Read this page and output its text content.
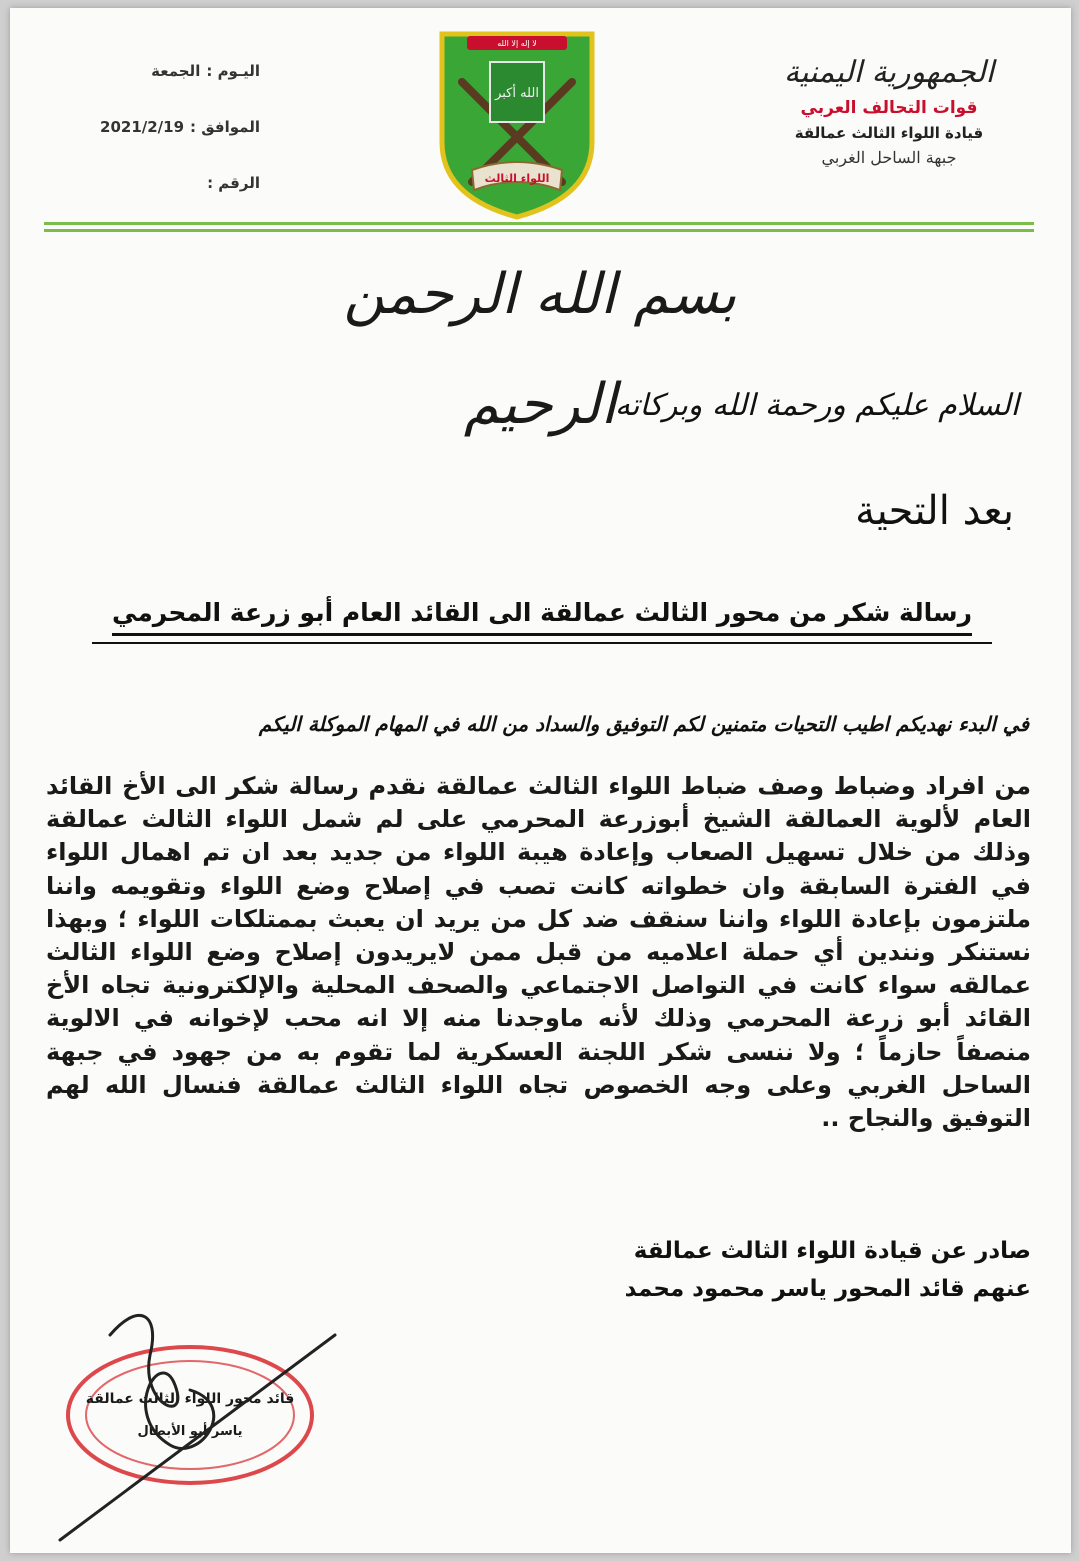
الجمهورية اليمنية
قوات التحالف العربي
قيادة اللواء الثالث عمالقة
جبهة الساحل الغربي
اليـوم :
الجمعة
الموافق :
2021/2/19
الرقم :
الله أكبر
لا إله إلا الله
اللواء الثالث
بسم الله الرحمن الرحيم
السلام عليكم ورحمة الله وبركاته
بعد التحية
رسالة شكر من محور الثالث عمالقة الى القائد العام أبو زرعة المحرمي
في البدء نهديكم اطيب التحيات متمنين لكم التوفيق والسداد من الله في المهام الموكلة اليكم
من افراد وضباط وصف ضباط اللواء الثالث عمالقة نقدم رسالة شكر الى الأخ القائد العام لألوية العمالقة الشيخ أبوزرعة المحرمي على لم شمل اللواء الثالث عمالقة وذلك من خلال تسهيل الصعاب وإعادة هيبة اللواء من جديد بعد ان تم اهمال اللواء في الفترة السابقة وان خطواته كانت تصب في إصلاح وضع اللواء وتقويمه واننا ملتزمون بإعادة اللواء واننا سنقف ضد كل من يريد ان يعبث بممتلكات اللواء ؛ وبهذا نستنكر ونندين أي حملة اعلاميه من قبل ممن لايريدون إصلاح وضع اللواء الثالث عمالقه سواء كانت في التواصل الاجتماعي والصحف المحلية والإلكترونية تجاه الأخ القائد أبو زرعة المحرمي وذلك لأنه ماوجدنا منه إلا انه محب لإخوانه في الالوية منصفاً حازماً ؛ ولا ننسى شكر اللجنة العسكرية لما تقوم به من جهود في جبهة الساحل الغربي وعلى وجه الخصوص تجاه اللواء الثالث عمالقة فنسال الله لهم التوفيق والنجاح ..
صادر عن قيادة اللواء الثالث عمالقة
عنهم قائد المحور ياسر محمود محمد
قائد محور اللواء الثالث عمالقة
ياسر أبو الأبطال
